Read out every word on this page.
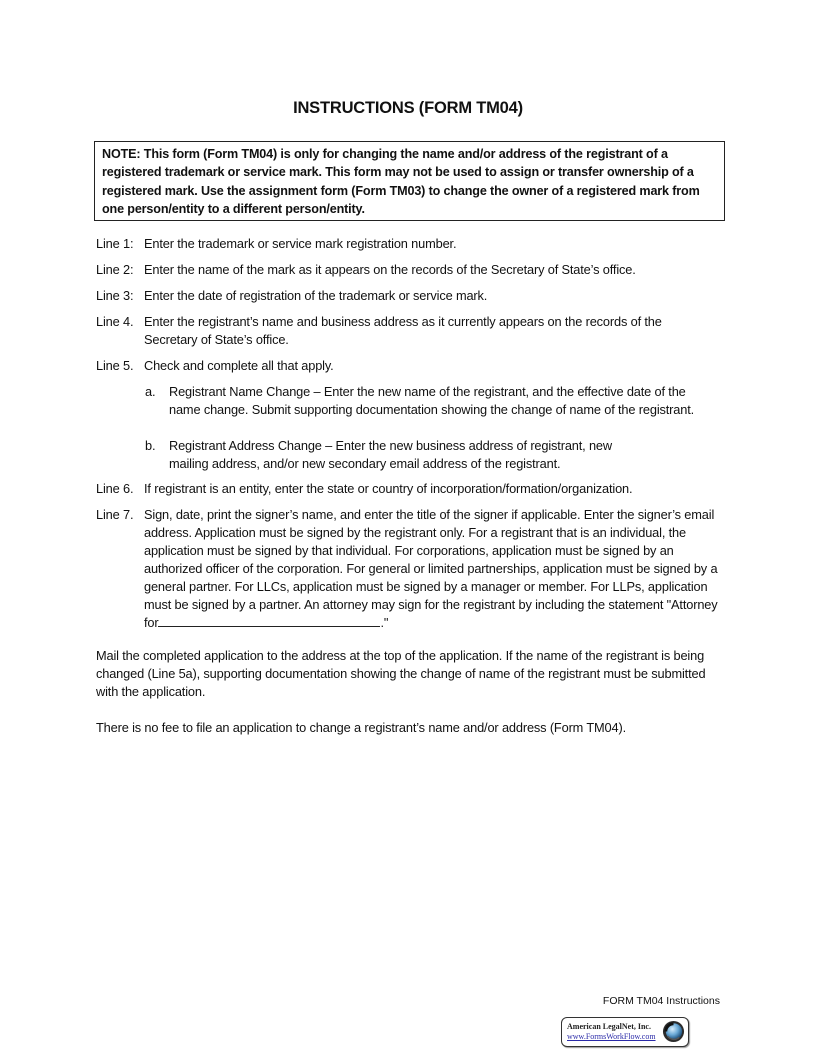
INSTRUCTIONS (FORM TM04)
NOTE: This form (Form TM04) is only for changing the name and/or address of the registrant of a registered trademark or service mark. This form may not be used to assign or transfer ownership of a registered mark. Use the assignment form (Form TM03) to change the owner of a registered mark from one person/entity to a different person/entity.
Line 1: Enter the trademark or service mark registration number.
Line 2: Enter the name of the mark as it appears on the records of the Secretary of State’s office.
Line 3: Enter the date of registration of the trademark or service mark.
Line 4. Enter the registrant’s name and business address as it currently appears on the records of the Secretary of State’s office.
Line 5. Check and complete all that apply.
a. Registrant Name Change – Enter the new name of the registrant, and the effective date of the name change. Submit supporting documentation showing the change of name of the registrant.
b. Registrant Address Change – Enter the new business address of registrant, new
mailing address, and/or new secondary email address of the registrant.
Line 6. If registrant is an entity, enter the state or country of incorporation/formation/organization.
Line 7. Sign, date, print the signer’s name, and enter the title of the signer if applicable. Enter the signer’s email address. Application must be signed by the registrant only. For a registrant that is an individual, the application must be signed by that individual. For corporations, application must be signed by an authorized officer of the corporation. For general or limited partnerships, application must be signed by a general partner. For LLCs, application must be signed by a manager or member. For LLPs, application must be signed by a partner. An attorney may sign for the registrant by including the statement "Attorney for	."
Mail the completed application to the address at the top of the application. If the name of the registrant is being changed (Line 5a), supporting documentation showing the change of name of the registrant must be submitted with the application.
There is no fee to file an application to change a registrant’s name and/or address (Form TM04).
FORM TM04 Instructions
American LegalNet, Inc.
www.FormsWorkFlow.com
